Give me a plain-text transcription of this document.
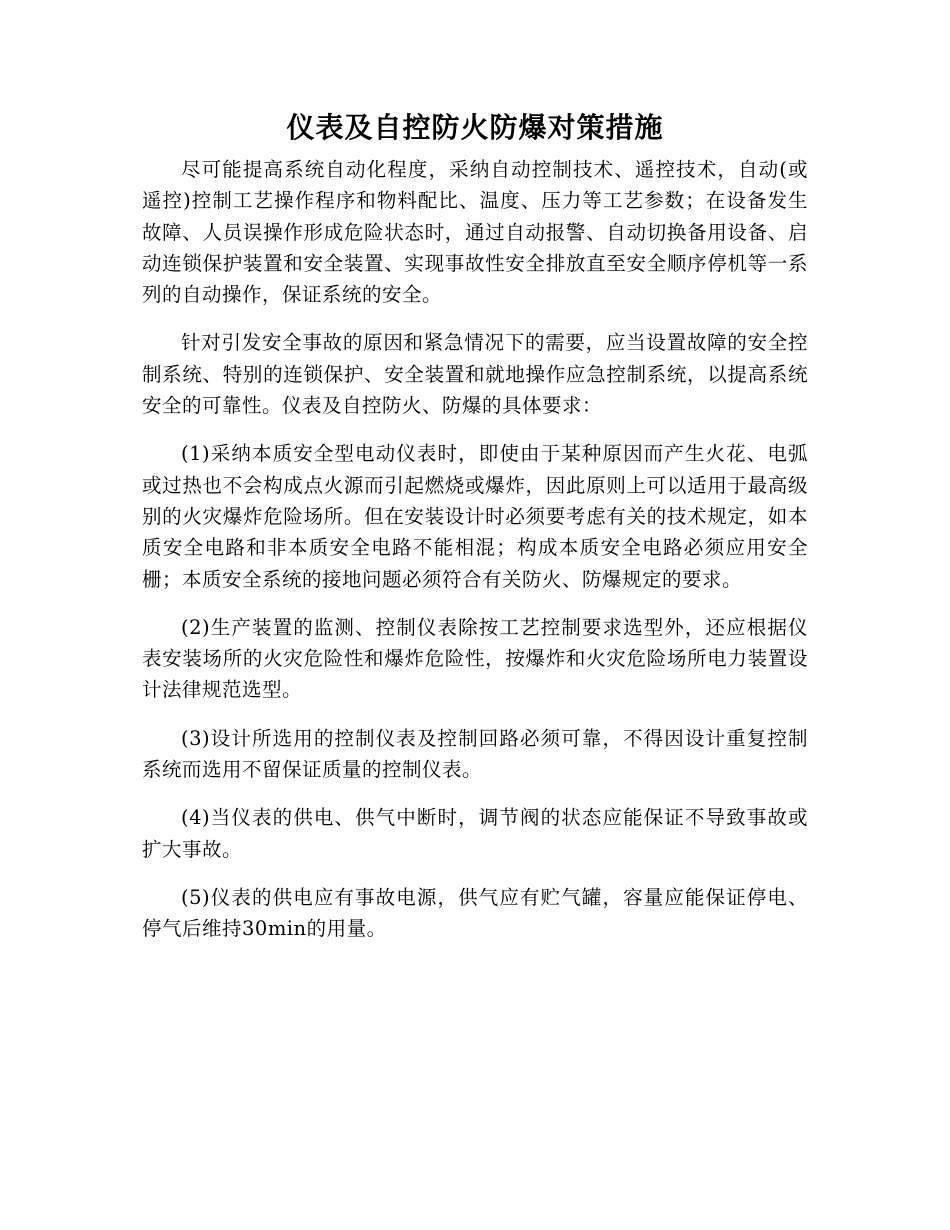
仪表及自控防火防爆对策措施

尽可能提高系统自动化程度，采纳自动控制技术、遥控技术，自动(或遥控)控制工艺操作程序和物料配比、温度、压力等工艺参数；在设备发生故障、人员误操作形成危险状态时，通过自动报警、自动切换备用设备、启动连锁保护装置和安全装置、实现事故性安全排放直至安全顺序停机等一系列的自动操作，保证系统的安全。

针对引发安全事故的原因和紧急情况下的需要，应当设置故障的安全控制系统、特别的连锁保护、安全装置和就地操作应急控制系统，以提高系统安全的可靠性。仪表及自控防火、防爆的具体要求：

(1)采纳本质安全型电动仪表时，即使由于某种原因而产生火花、电弧或过热也不会构成点火源而引起燃烧或爆炸，因此原则上可以适用于最高级别的火灾爆炸危险场所。但在安装设计时必须要考虑有关的技术规定，如本质安全电路和非本质安全电路不能相混；构成本质安全电路必须应用安全栅；本质安全系统的接地问题必须符合有关防火、防爆规定的要求。

(2)生产装置的监测、控制仪表除按工艺控制要求选型外，还应根据仪表安装场所的火灾危险性和爆炸危险性，按爆炸和火灾危险场所电力装置设计法律规范选型。

(3)设计所选用的控制仪表及控制回路必须可靠，不得因设计重复控制系统而选用不留保证质量的控制仪表。

(4)当仪表的供电、供气中断时，调节阀的状态应能保证不导致事故或扩大事故。

(5)仪表的供电应有事故电源，供气应有贮气罐，容量应能保证停电、停气后维持30min的用量。
